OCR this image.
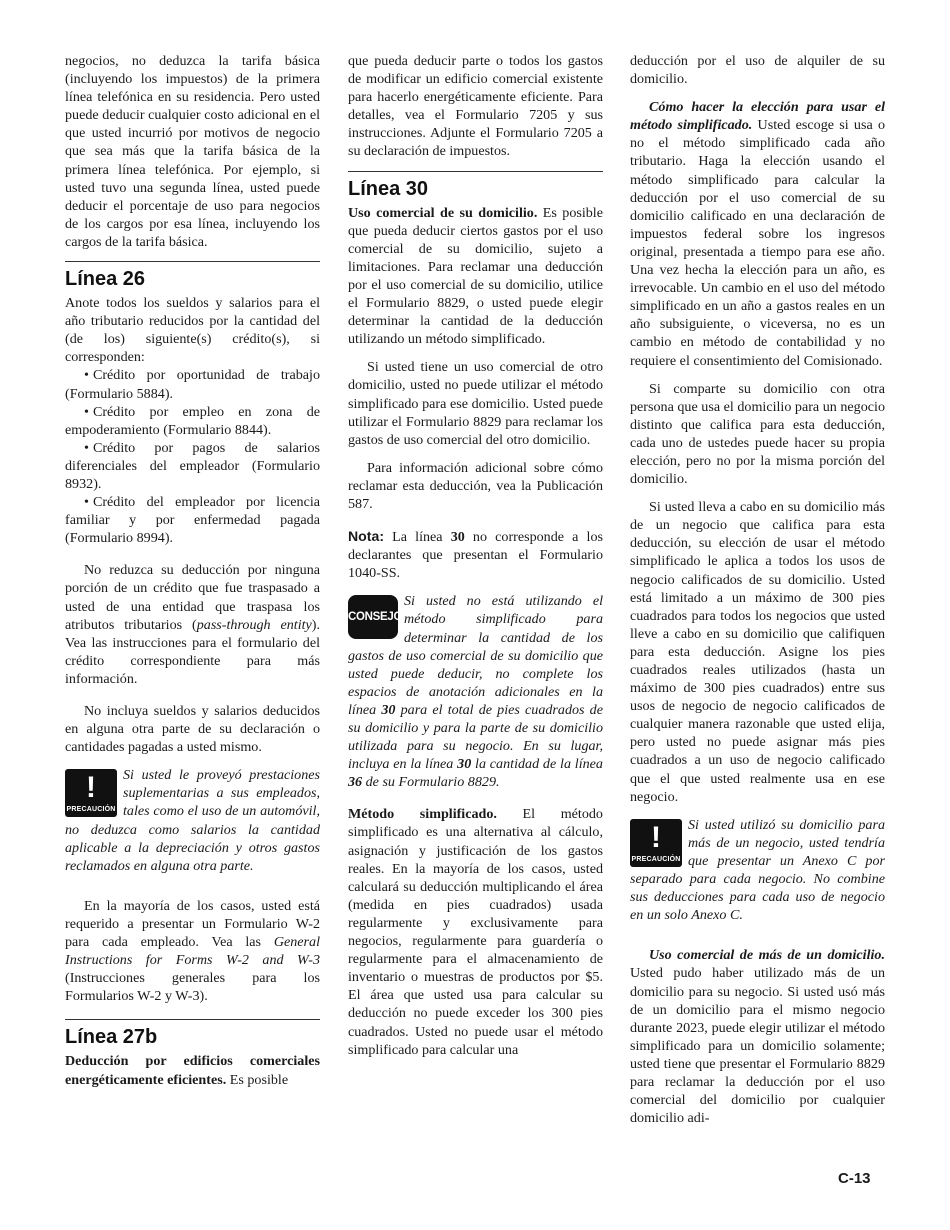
negocios, no deduzca la tarifa básica (incluyendo los impuestos) de la primera línea telefónica en su residencia. Pero usted puede deducir cualquier costo adicional en el que usted incurrió por motivos de negocio que sea más que la tarifa básica de la primera línea telefónica. Por ejemplo, si usted tuvo una segunda línea, usted puede deducir el porcentaje de uso para negocios de los cargos por esa línea, incluyendo los cargos de la tarifa básica.

Línea 26

Anote todos los sueldos y salarios para el año tributario reducidos por la cantidad del (de los) siguiente(s) crédito(s), si corresponden:

• Crédito por oportunidad de trabajo (Formulario 5884).

• Crédito por empleo en zona de empoderamiento (Formulario 8844).

• Crédito por pagos de salarios diferenciales del empleador (Formulario 8932).

• Crédito del empleador por licencia familiar y por enfermedad pagada (Formulario 8994).

No reduzca su deducción por ninguna porción de un crédito que fue traspasado a usted de una entidad que traspasa los atributos tributarios (pass-through entity). Vea las instrucciones para el formulario del crédito correspondiente para más información.

No incluya sueldos y salarios deducidos en alguna otra parte de su declaración o cantidades pagadas a usted mismo.

!
PRECAUCIÓN

Si usted le proveyó prestaciones suplementarias a sus empleados, tales como el uso de un automóvil, no deduzca como salarios la cantidad aplicable a la depreciación y otros gastos reclamados en alguna otra parte.

En la mayoría de los casos, usted está requerido a presentar un Formulario W-2 para cada empleado. Vea las General Instructions for Forms W-2 and W-3 (Instrucciones generales para los Formularios W-2 y W-3).

Línea 27b

Deducción por edificios comerciales energéticamente eficientes. Es posible

que pueda deducir parte o todos los gastos de modificar un edificio comercial existente para hacerlo energéticamente eficiente. Para detalles, vea el Formulario 7205 y sus instrucciones. Adjunte el Formulario 7205 a su declaración de impuestos.

Línea 30

Uso comercial de su domicilio. Es posible que pueda deducir ciertos gastos por el uso comercial de su domicilio, sujeto a limitaciones. Para reclamar una deducción por el uso comercial de su domicilio, utilice el Formulario 8829, o usted puede elegir determinar la cantidad de la deducción utilizando un método simplificado.

Si usted tiene un uso comercial de otro domicilio, usted no puede utilizar el método simplificado para ese domicilio. Usted puede utilizar el Formulario 8829 para reclamar los gastos de uso comercial del otro domicilio.

Para información adicional sobre cómo reclamar esta deducción, vea la Publicación 587.

Nota: La línea 30 no corresponde a los declarantes que presentan el Formulario 1040-SS.

CONSEJO

Si usted no está utilizando el método simplificado para determinar la cantidad de los gastos de uso comercial de su domicilio que usted puede deducir, no complete los espacios de anotación adicionales en la línea 30 para el total de pies cuadrados de su domicilio y para la parte de su domicilio utilizada para su negocio. En su lugar, incluya en la línea 30 la cantidad de la línea 36 de su Formulario 8829.

Método simplificado. El método simplificado es una alternativa al cálculo, asignación y justificación de los gastos reales. En la mayoría de los casos, usted calculará su deducción multiplicando el área (medida en pies cuadrados) usada regularmente y exclusivamente para negocios, regularmente para guardería o regularmente para el almacenamiento de inventario o muestras de productos por $5. El área que usted usa para calcular su deducción no puede exceder los 300 pies cuadrados. Usted no puede usar el método simplificado para calcular una

deducción por el uso de alquiler de su domicilio.

Cómo hacer la elección para usar el método simplificado. Usted escoge si usa o no el método simplificado cada año tributario. Haga la elección usando el método simplificado para calcular la deducción por el uso comercial de su domicilio calificado en una declaración de impuestos federal sobre los ingresos original, presentada a tiempo para ese año. Una vez hecha la elección para un año, es irrevocable. Un cambio en el uso del método simplificado en un año a gastos reales en un año subsiguiente, o viceversa, no es un cambio en método de contabilidad y no requiere el consentimiento del Comisionado.

Si comparte su domicilio con otra persona que usa el domicilio para un negocio distinto que califica para esta deducción, cada uno de ustedes puede hacer su propia elección, pero no por la misma porción del domicilio.

Si usted lleva a cabo en su domicilio más de un negocio que califica para esta deducción, su elección de usar el método simplificado le aplica a todos los usos de negocio calificados de su domicilio. Usted está limitado a un máximo de 300 pies cuadrados para todos los negocios que usted lleve a cabo en su domicilio que califiquen para esta deducción. Asigne los pies cuadrados reales utilizados (hasta un máximo de 300 pies cuadrados) entre sus usos de negocio de negocio calificados de cualquier manera razonable que usted elija, pero usted no puede asignar más pies cuadrados a un uso de negocio calificado que el que usted realmente usa en ese negocio.

!
PRECAUCIÓN

Si usted utilizó su domicilio para más de un negocio, usted tendría que presentar un Anexo C por separado para cada negocio. No combine sus deducciones para cada uso de negocio en un solo Anexo C.

Uso comercial de más de un domicilio. Usted pudo haber utilizado más de un domicilio para su negocio. Si usted usó más de un domicilio para el mismo negocio durante 2023, puede elegir utilizar el método simplificado para un domicilio solamente; usted tiene que presentar el Formulario 8829 para reclamar la deducción por el uso comercial del domicilio por cualquier domicilio adi-

C-13
